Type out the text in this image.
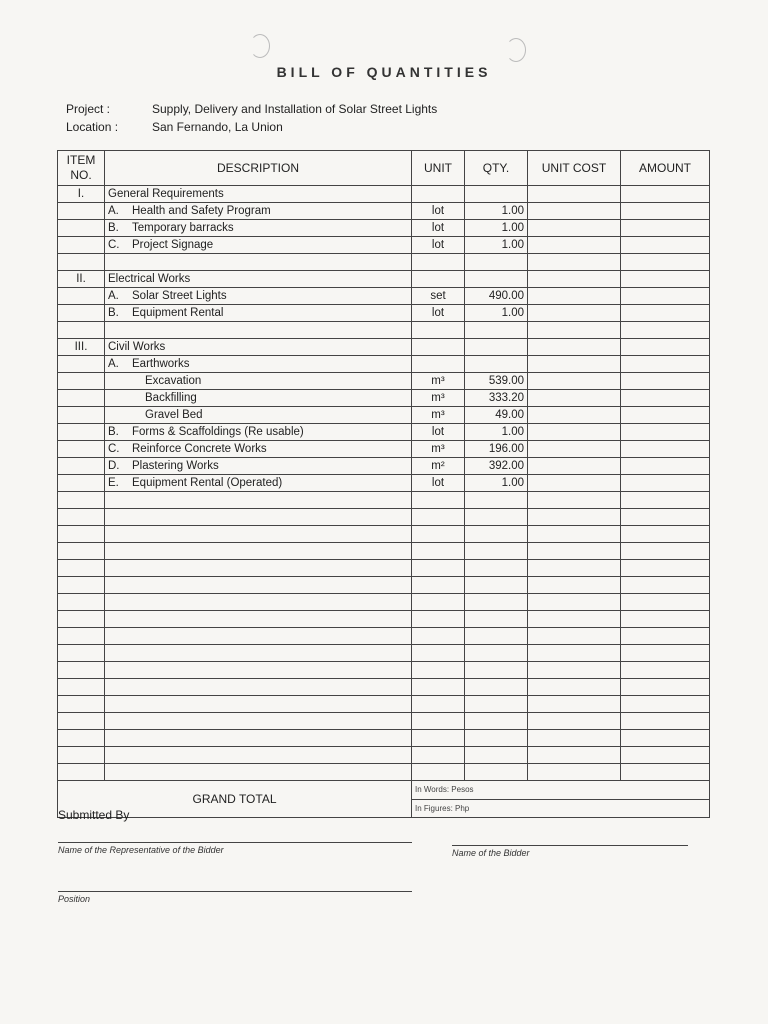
BILL OF QUANTITIES
Project :	Supply, Delivery and Installation of Solar Street Lights
Location :	San Fernando, La Union
ITEM NO.	DESCRIPTION	UNIT	QTY.	UNIT COST	AMOUNT
I.	General Requirements				
	A. Health and Safety Program	lot	1.00		
	B. Temporary barracks	lot	1.00		
	C. Project Signage	lot	1.00		

II.	Electrical Works				
	A. Solar Street Lights	set	490.00		
	B. Equipment Rental	lot	1.00		

III.	Civil Works				
	A. Earthworks				
	Excavation	m³	539.00		
	Backfilling	m³	333.20		
	Gravel Bed	m³	49.00		
	B. Forms & Scaffoldings (Re usable)	lot	1.00		
	C. Reinforce Concrete Works	m³	196.00		
	D. Plastering Works	m²	392.00		
	E. Equipment Rental (Operated)	lot	1.00		

GRAND TOTAL		In Words: Pesos			
		In Figures: Php			
Submitted By
Name of the Representative of the Bidder	Name of the Bidder
Position
